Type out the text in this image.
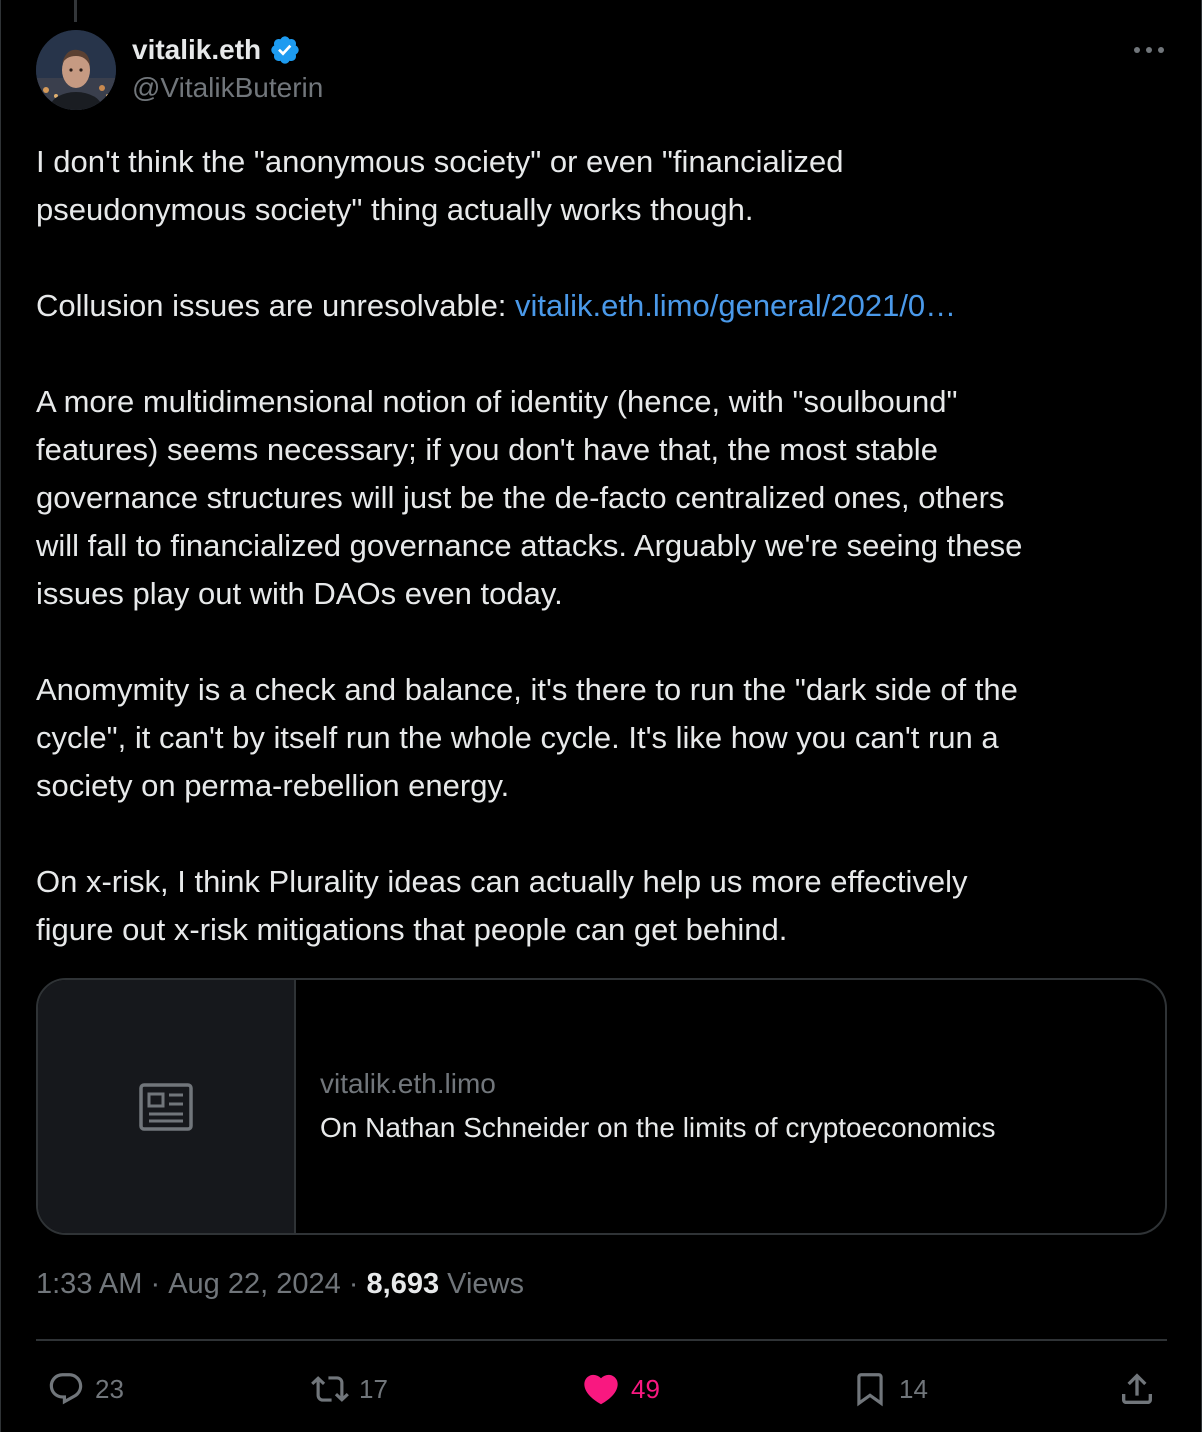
vitalik.eth
@VitalikButerin

I don't think the "anonymous society" or even "financialized
pseudonymous society" thing actually works though.

Collusion issues are unresolvable: vitalik.eth.limo/general/2021/0…

A more multidimensional notion of identity (hence, with "soulbound"
features) seems necessary; if you don't have that, the most stable
governance structures will just be the de-facto centralized ones, others
will fall to financialized governance attacks. Arguably we're seeing these
issues play out with DAOs even today.

Anomymity is a check and balance, it's there to run the "dark side of the
cycle", it can't by itself run the whole cycle. It's like how you can't run a
society on perma-rebellion energy.

On x-risk, I think Plurality ideas can actually help us more effectively
figure out x-risk mitigations that people can get behind.

vitalik.eth.limo
On Nathan Schneider on the limits of cryptoeconomics
1:33 AM · Aug 22, 2024 · 8,693 Views
23	17	49	14
